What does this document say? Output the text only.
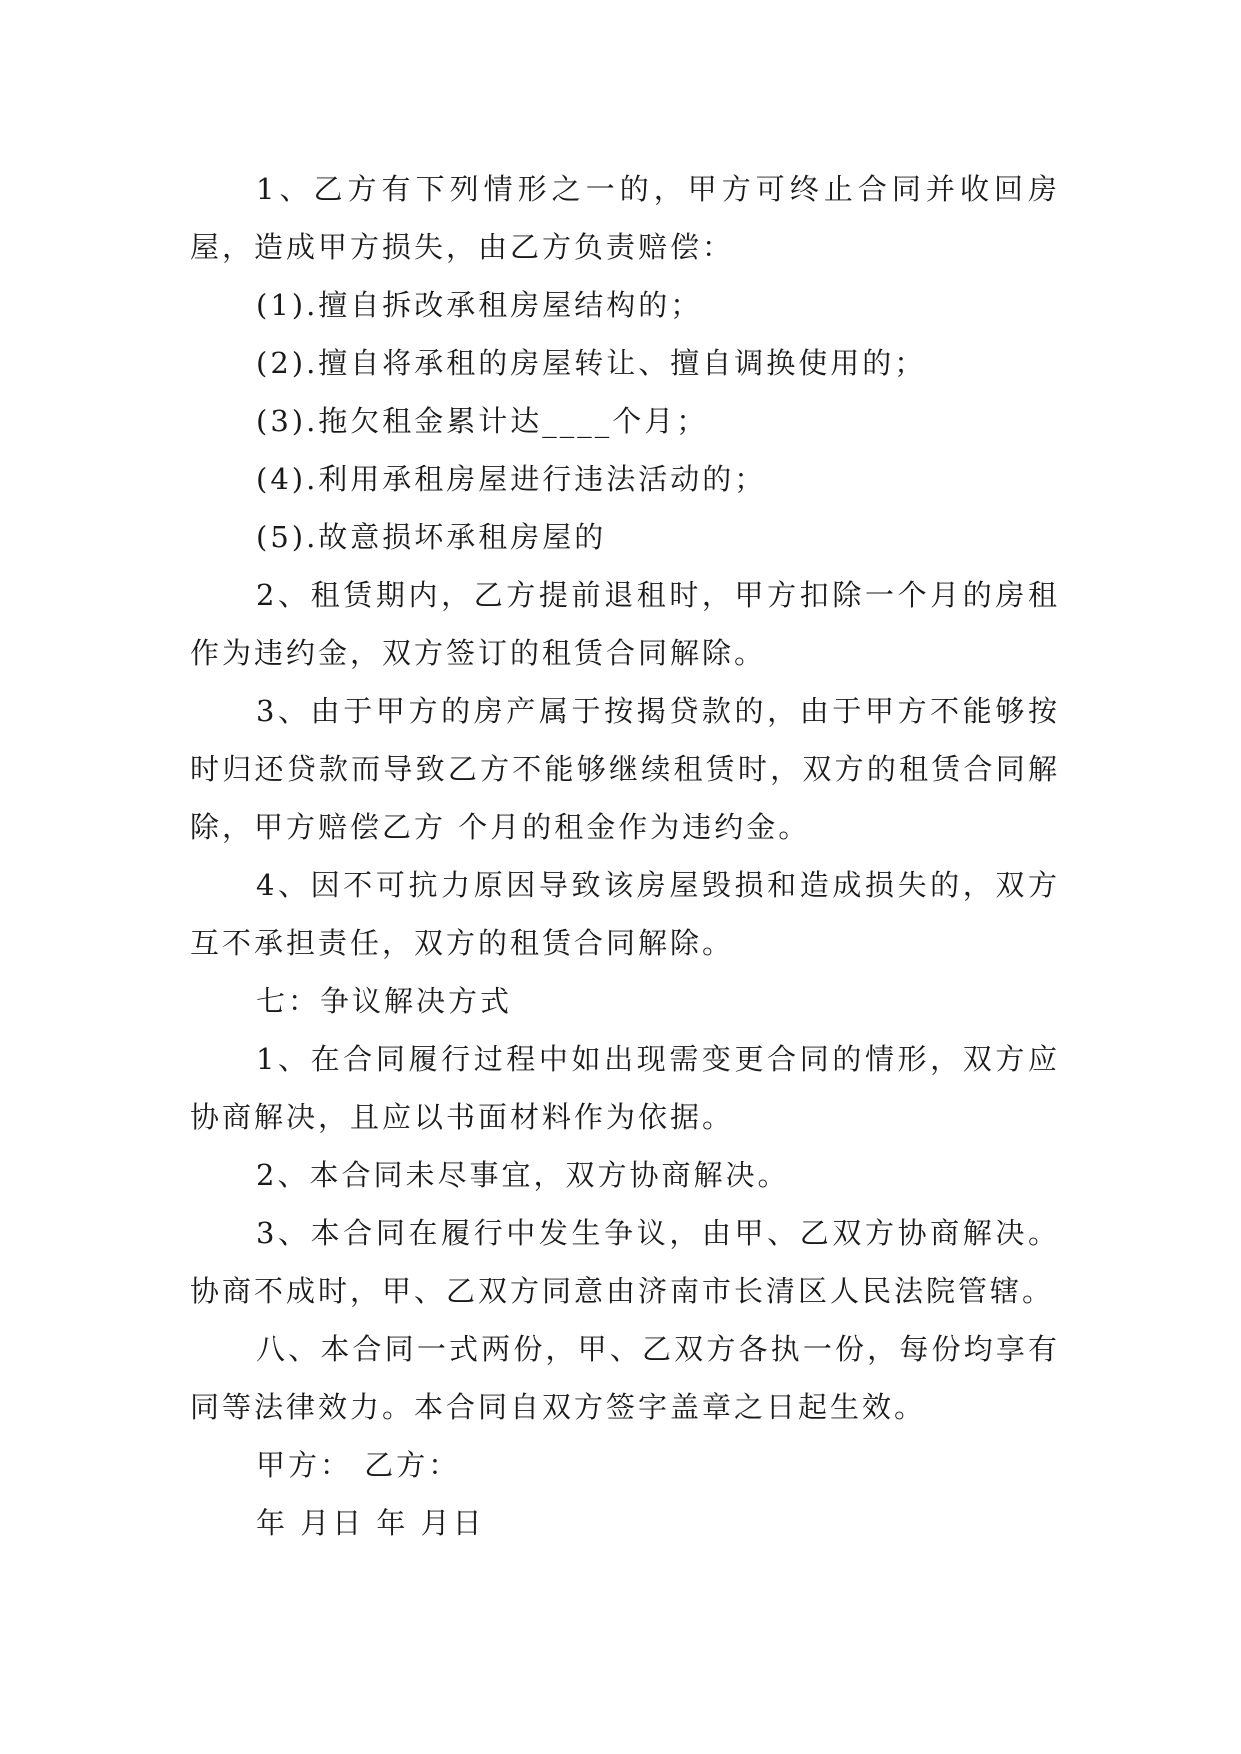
1、乙方有下列情形之一的，甲方可终止合同并收回房屋，造成甲方损失，由乙方负责赔偿：

(1).擅自拆改承租房屋结构的；

(2).擅自将承租的房屋转让、擅自调换使用的；

(3).拖欠租金累计达____个月；

(4).利用承租房屋进行违法活动的；

(5).故意损坏承租房屋的

2、租赁期内，乙方提前退租时，甲方扣除一个月的房租作为违约金，双方签订的租赁合同解除。

3、由于甲方的房产属于按揭贷款的，由于甲方不能够按时归还贷款而导致乙方不能够继续租赁时，双方的租赁合同解除，甲方赔偿乙方 个月的租金作为违约金。

4、因不可抗力原因导致该房屋毁损和造成损失的，双方互不承担责任，双方的租赁合同解除。

七：争议解决方式

1、在合同履行过程中如出现需变更合同的情形，双方应协商解决，且应以书面材料作为依据。

2、本合同未尽事宜，双方协商解决。

3、本合同在履行中发生争议，由甲、乙双方协商解决。协商不成时，甲、乙双方同意由济南市长清区人民法院管辖。

八、本合同一式两份，甲、乙双方各执一份，每份均享有同等法律效力。本合同自双方签字盖章之日起生效。

甲方： 乙方：

年 月日 年 月日
